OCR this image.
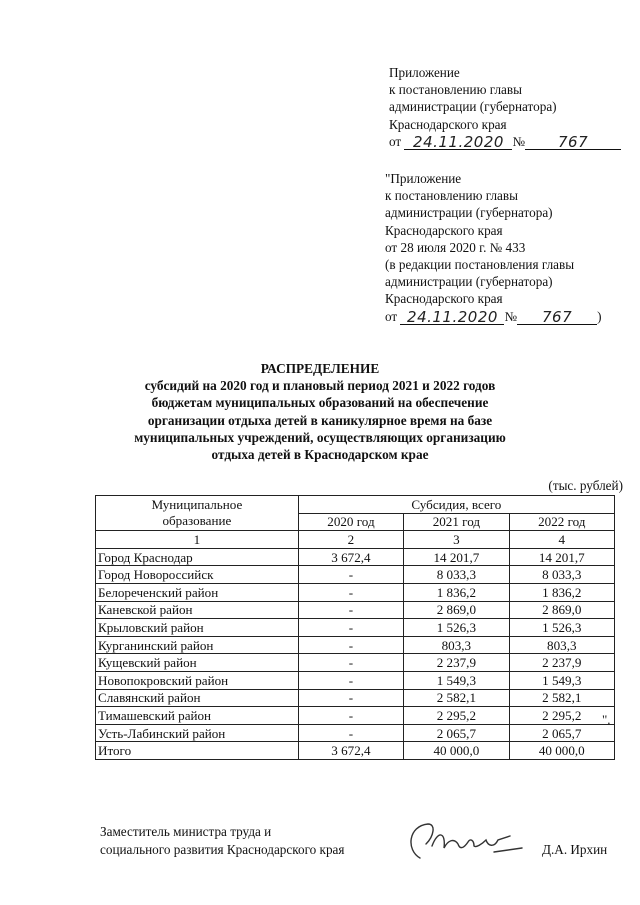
Приложение
к постановлению главы
администрации (губернатора)
Краснодарского края
от 24.11.2020 № 767
"Приложение
к постановлению главы
администрации (губернатора)
Краснодарского края
от 28 июля 2020 г. № 433
(в редакции постановления главы
администрации (губернатора)
Краснодарского края
от 24.11.2020 № 767 )
РАСПРЕДЕЛЕНИЕ
субсидий на 2020 год и плановый период 2021 и 2022 годов
бюджетам муниципальных образований на обеспечение
организации отдыха детей в каникулярное время на базе
муниципальных учреждений, осуществляющих организацию
отдыха детей в Краснодарском крае
(тыс. рублей)
Муниципальное
образование	Субсидия, всего		
	2020 год	2021 год	2022 год
1	2	3	4
Город Краснодар	3 672,4	14 201,7	14 201,7
Город Новороссийск	-	8 033,3	8 033,3
Белореченский район	-	1 836,2	1 836,2
Каневской район	-	2 869,0	2 869,0
Крыловский район	-	1 526,3	1 526,3
Курганинский район	-	803,3	803,3
Кущевский район	-	2 237,9	2 237,9
Новопокровский район	-	1 549,3	1 549,3
Славянский район	-	2 582,1	2 582,1
Тимашевский район	-	2 295,2	2 295,2
Усть-Лабинский район	-	2 065,7	2 065,7
Итого	3 672,4	40 000,0	40 000,0
".
Заместитель министра труда и
социального развития Краснодарского края	Д.А. Ирхин
